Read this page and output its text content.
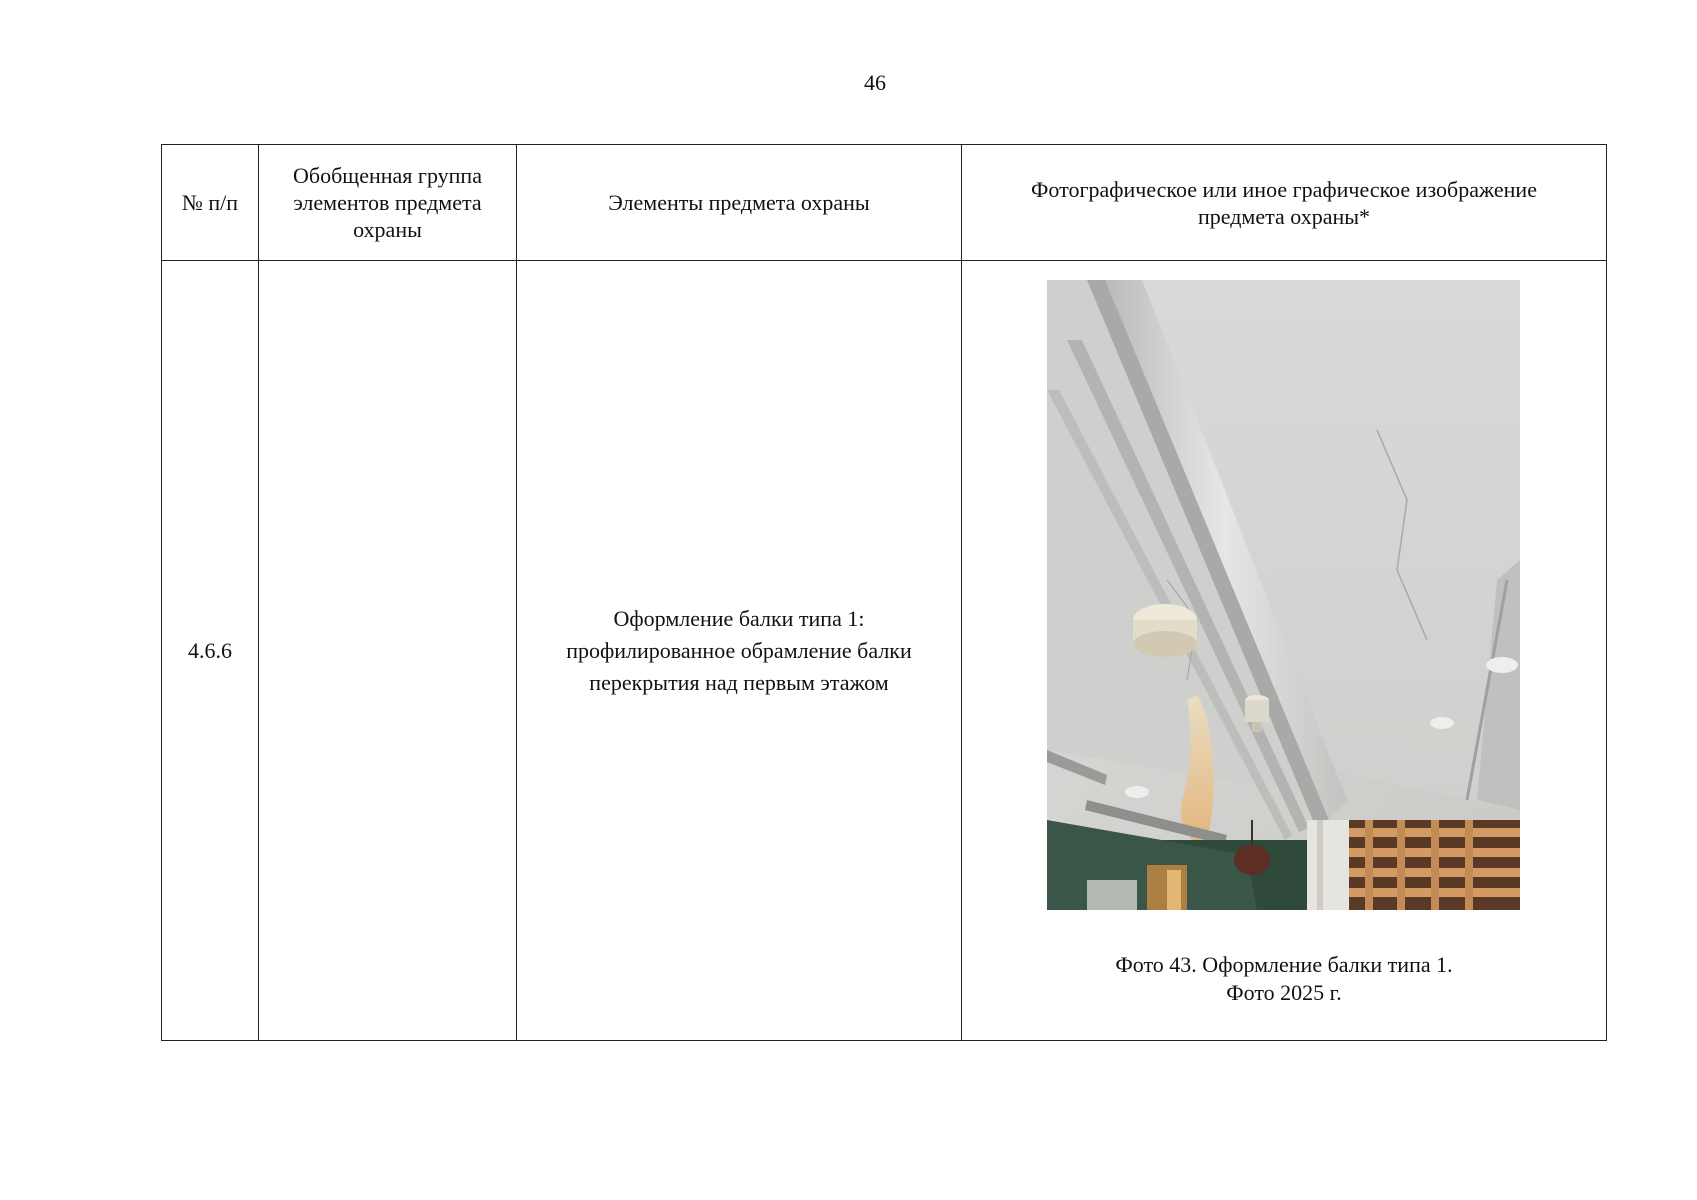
46
№ п/п	Обобщенная группа
элементов предмета
охраны	Элементы предмета охраны	Фотографическое или иное графическое изображение
предмета охраны*

4.6.6		Оформление балки типа 1:
профилированное обрамление балки
перекрытия над первым этажом	Фото 43. Оформление балки типа 1.
Фото 2025 г.
